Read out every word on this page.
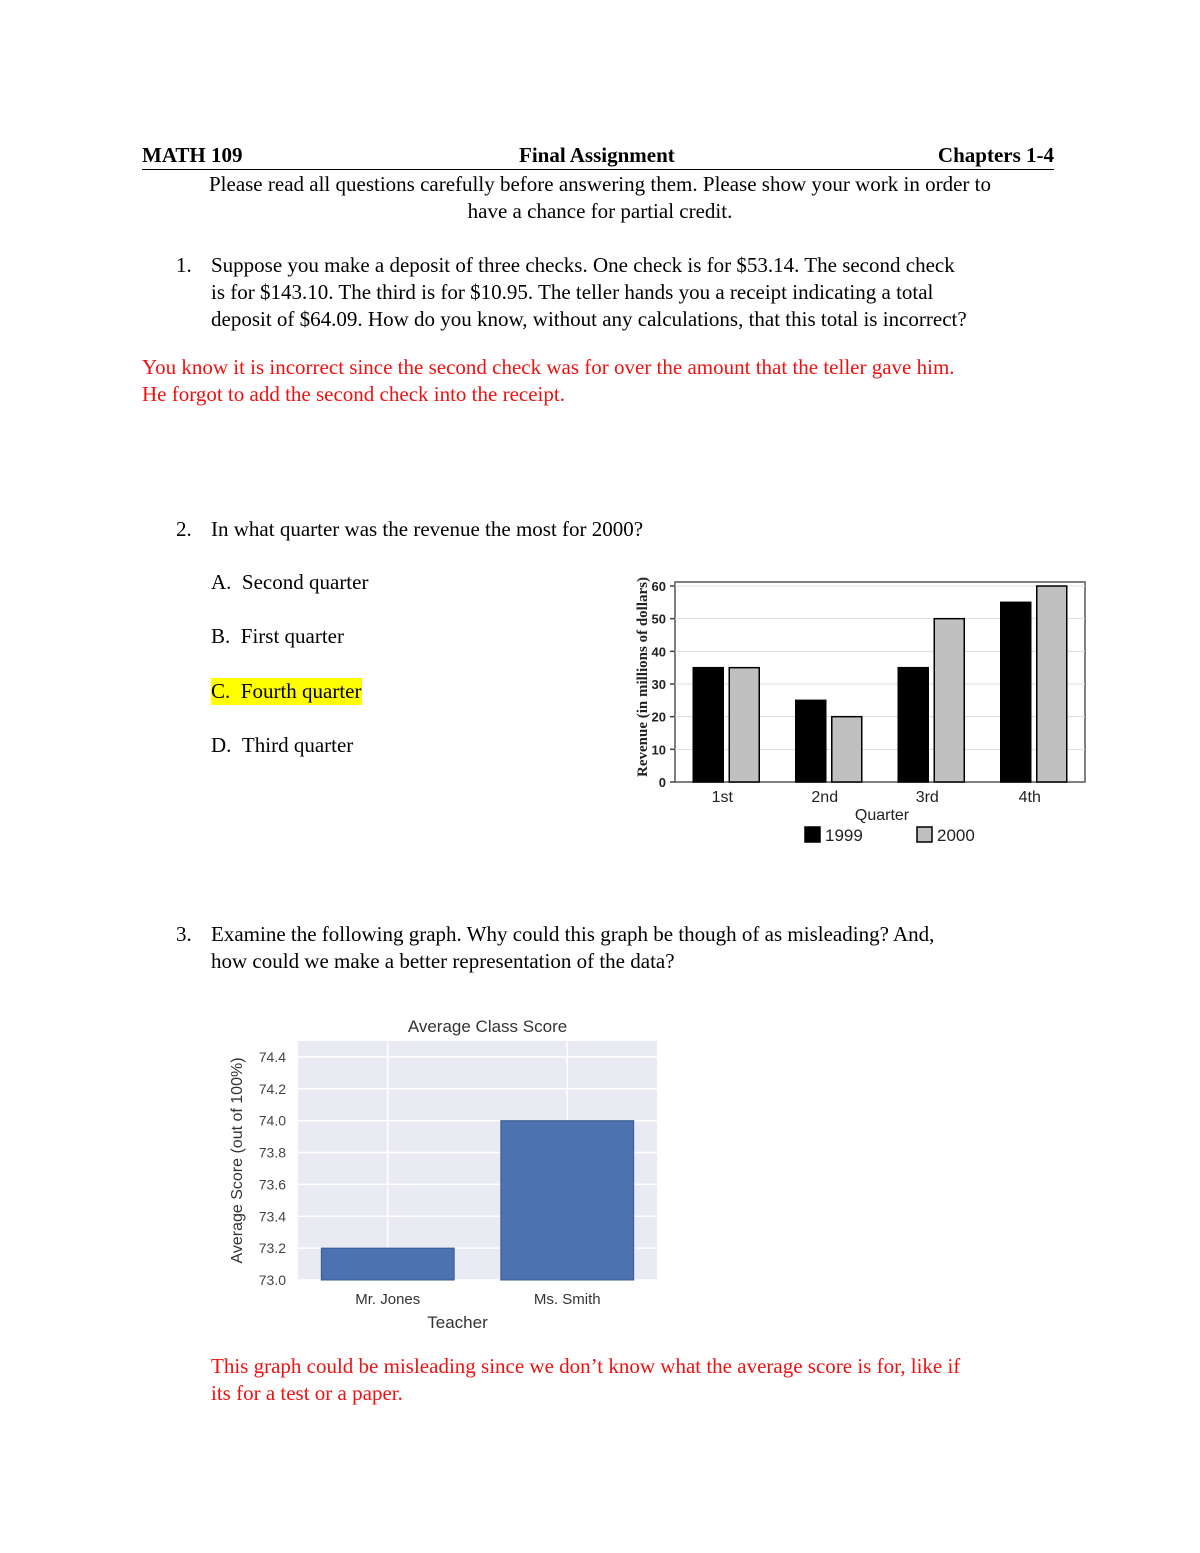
MATH 109	Final Assignment	Chapters 1-4
Please read all questions carefully before answering them. Please show your work in order to
have a chance for partial credit.
1. Suppose you make a deposit of three checks. One check is for $53.14. The second check
is for $143.10. The third is for $10.95. The teller hands you a receipt indicating a total
deposit of $64.09. How do you know, without any calculations, that this total is incorrect?
You know it is incorrect since the second check was for over the amount that the teller gave him.
He forgot to add the second check into the receipt.
2. In what quarter was the revenue the most for 2000?
A. Second quarter
B. First quarter
C. Fourth quarter
D. Third quarter
0
10
20
30
40
50
60
1st	2nd	3rd	4th
Quarter
Revenue (in millions of dollars)
1999	2000
3. Examine the following graph. Why could this graph be though of as misleading? And,
how could we make a better representation of the data?
Average Class Score
73.0
73.2
73.4
73.6
73.8
74.0
74.2
74.4
Mr. Jones	Ms. Smith
Teacher
Average Score (out of 100%)
This graph could be misleading since we don’t know what the average score is for, like if
its for a test or a paper.
